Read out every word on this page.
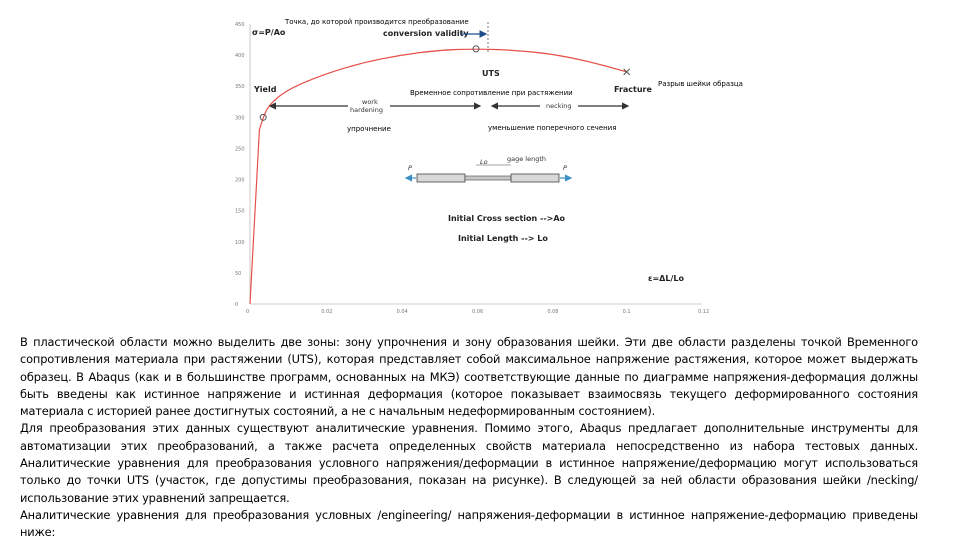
450
400
350
300
250
200
150
100
50
0
0	0.02	0.04	0.06	0.08	0.1	0.12
Точка, до которой производится преобразование
σ=P/Ao	conversion validity
UTS
Временное сопротивление при растяжении
Yield
work
hardening
упрочнение
necking
уменьшение поперечного сечения
Fracture
Разрыв шейки образца
P	P
Lo	gage length
Initial Cross section -->Ao
Initial Length --> Lo
ε=ΔL/Lo

В пластической области можно выделить две зоны: зону упрочнения и зону образования шейки. Эти две области разделены точкой Временного сопротивления материала при растяжении (UTS), которая представляет собой максимальное напряжение растяжения, которое может выдержать образец. В Abaqus (как и в большинстве программ, основанных на МКЭ) соответствующие данные по диаграмме напряжения-деформация должны быть введены как истинное напряжение и истинная деформация (которое показывает взаимосвязь текущего деформированного состояния материала с историей ранее достигнутых состояний, а не с начальным недеформированным состоянием).

Для преобразования этих данных существуют аналитические уравнения. Помимо этого, Abaqus предлагает дополнительные инструменты для автоматизации этих преобразований, а также расчета определенных свойств материала непосредственно из набора тестовых данных. Аналитические уравнения для преобразования условного напряжения/деформации в истинное напряжение/деформацию могут использоваться только до точки UTS (участок, где допустимы преобразования, показан на рисунке). В следующей за ней области образования шейки /necking/ использование этих уравнений запрещается.

Аналитические уравнения для преобразования условных /engineering/ напряжения-деформации в истинное напряжение-деформацию приведены ниже:
